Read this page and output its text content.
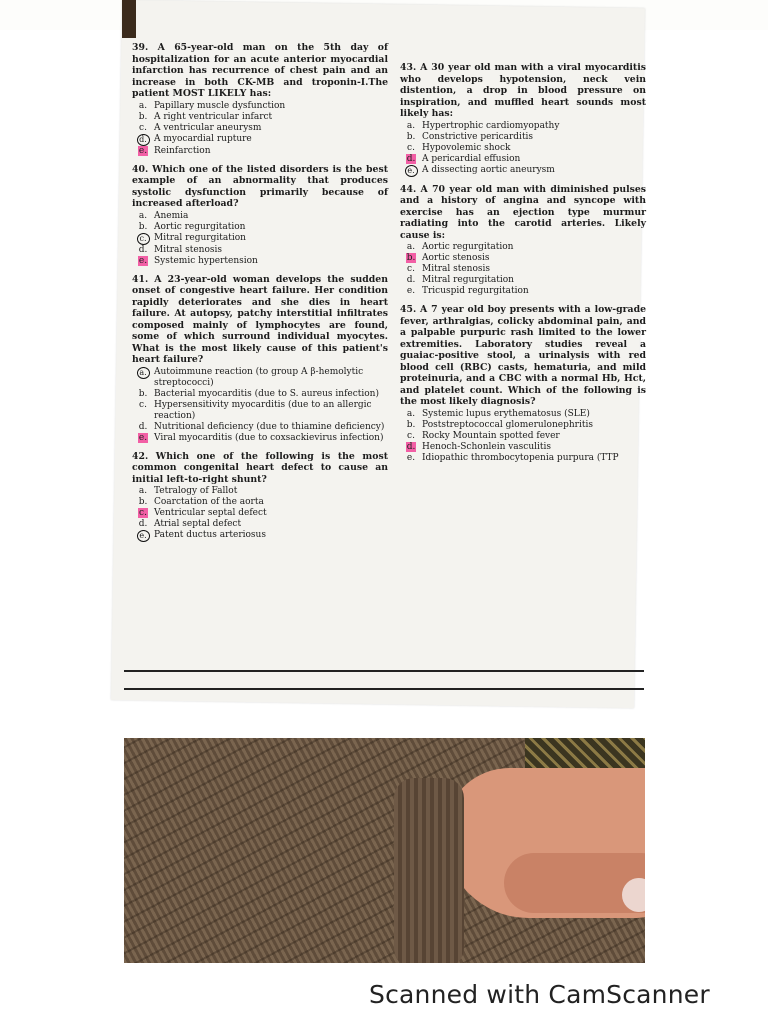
39. A 65-year-old man on the 5th day of hospitalization for an acute anterior myocardial infarction has recurrence of chest pain and an increase in both CK-MB and troponin-I.The patient MOST LIKELY has:
a. Papillary muscle dysfunction
b. A right ventricular infarct
c. A ventricular aneurysm
d. A myocardial rupture
e. Reinfarction
40. Which one of the listed disorders is the best example of an abnormality that produces systolic dysfunction primarily because of increased afterload?
a. Anemia
b. Aortic regurgitation
c. Mitral regurgitation
d. Mitral stenosis
e. Systemic hypertension
41. A 23-year-old woman develops the sudden onset of congestive heart failure. Her condition rapidly deteriorates and she dies in heart failure. At autopsy, patchy interstitial infiltrates composed mainly of lymphocytes are found, some of which surround individual myocytes. What is the most likely cause of this patient's heart failure?
a. Autoimmune reaction (to group A β-hemolytic streptococci)
b. Bacterial myocarditis (due to S. aureus infection)
c. Hypersensitivity myocarditis (due to an allergic reaction)
d. Nutritional deficiency (due to thiamine deficiency)
e. Viral myocarditis (due to coxsackievirus infection)
42. Which one of the following is the most common congenital heart defect to cause an initial left-to-right shunt?
a. Tetralogy of Fallot
b. Coarctation of the aorta
c. Ventricular septal defect
d. Atrial septal defect
e. Patent ductus arteriosus
43. A 30 year old man with a viral myocarditis who develops hypotension, neck vein distention, a drop in blood pressure on inspiration, and muffled heart sounds most likely has:
a. Hypertrophic cardiomyopathy
b. Constrictive pericarditis
c. Hypovolemic shock
d. A pericardial effusion
e. A dissecting aortic aneurysm
44. A 70 year old man with diminished pulses and a history of angina and syncope with exercise has an ejection type murmur radiating into the carotid arteries. Likely cause is:
a. Aortic regurgitation
b. Aortic stenosis
c. Mitral stenosis
d. Mitral regurgitation
e. Tricuspid regurgitation
45. A 7 year old boy presents with a low-grade fever, arthralgias, colicky abdominal pain, and a palpable purpuric rash limited to the lower extremities. Laboratory studies reveal a guaiac-positive stool, a urinalysis with red blood cell (RBC) casts, hematuria, and mild proteinuria, and a CBC with a normal Hb, Hct, and platelet count. Which of the following is the most likely diagnosis?
a. Systemic lupus erythematosus (SLE)
b. Poststreptococcal glomerulonephritis
c. Rocky Mountain spotted fever
d. Henoch-Schonlein vasculitis
e. Idiopathic thrombocytopenia purpura (TTP
Scanned with CamScanner
